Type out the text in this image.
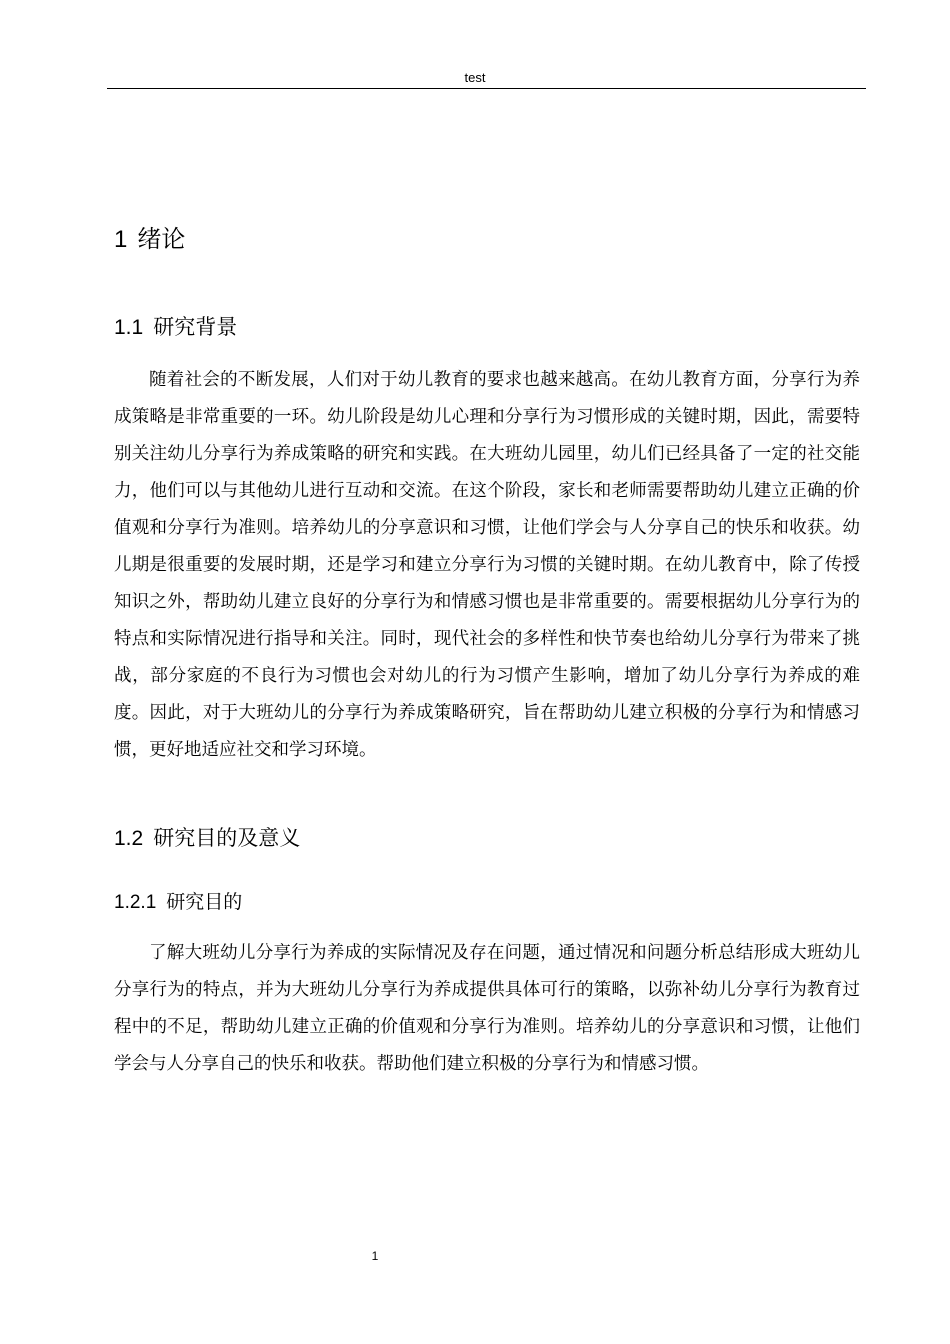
test
1 绪论
1.1 研究背景

随着社会的不断发展，人们对于幼儿教育的要求也越来越高。在幼儿教育方面，分享行为养成策略是非常重要的一环。幼儿阶段是幼儿心理和分享行为习惯形成的关键时期，因此，需要特别关注幼儿分享行为养成策略的研究和实践。在大班幼儿园里，幼儿们已经具备了一定的社交能力，他们可以与其他幼儿进行互动和交流。在这个阶段，家长和老师需要帮助幼儿建立正确的价值观和分享行为准则。培养幼儿的分享意识和习惯，让他们学会与人分享自己的快乐和收获。幼儿期是很重要的发展时期，还是学习和建立分享行为习惯的关键时期。在幼儿教育中，除了传授知识之外，帮助幼儿建立良好的分享行为和情感习惯也是非常重要的。需要根据幼儿分享行为的特点和实际情况进行指导和关注。同时，现代社会的多样性和快节奏也给幼儿分享行为带来了挑战，部分家庭的不良行为习惯也会对幼儿的行为习惯产生影响，增加了幼儿分享行为养成的难度。因此，对于大班幼儿的分享行为养成策略研究，旨在帮助幼儿建立积极的分享行为和情感习惯，更好地适应社交和学习环境。

1.2 研究目的及意义
1.2.1 研究目的

了解大班幼儿分享行为养成的实际情况及存在问题，通过情况和问题分析总结形成大班幼儿分享行为的特点，并为大班幼儿分享行为养成提供具体可行的策略，以弥补幼儿分享行为教育过程中的不足，帮助幼儿建立正确的价值观和分享行为准则。培养幼儿的分享意识和习惯，让他们学会与人分享自己的快乐和收获。帮助他们建立积极的分享行为和情感习惯。

1
